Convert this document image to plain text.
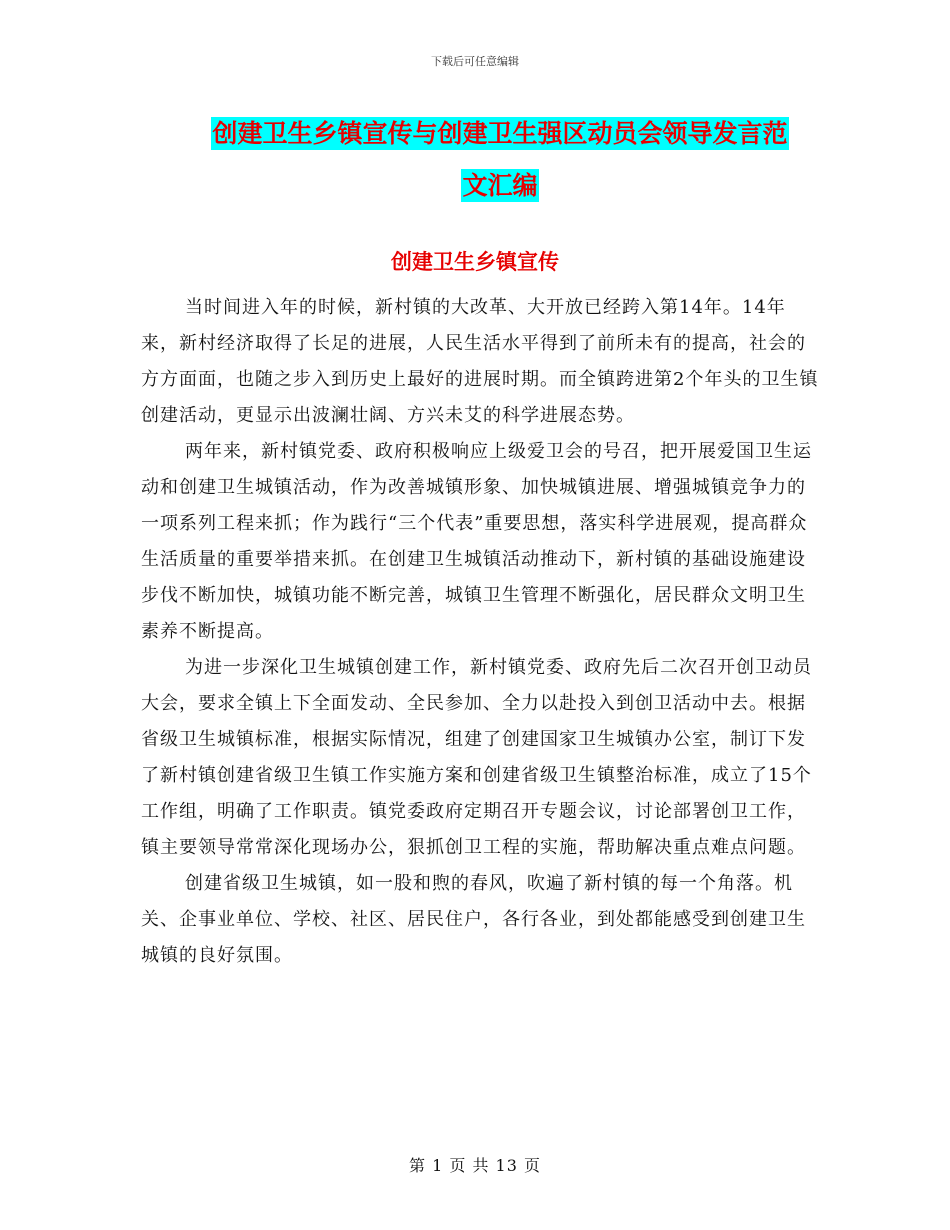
下载后可任意编辑
创建卫生乡镇宣传与创建卫生强区动员会领导发言范
文汇编
创建卫生乡镇宣传

当时间进入年的时候，新村镇的大改革、大开放已经跨入第14年。14年来，新村经济取得了长足的进展，人民生活水平得到了前所未有的提高，社会的方方面面，也随之步入到历史上最好的进展时期。而全镇跨进第2个年头的卫生镇创建活动，更显示出波澜壮阔、方兴未艾的科学进展态势。

两年来，新村镇党委、政府积极响应上级爱卫会的号召，把开展爱国卫生运动和创建卫生城镇活动，作为改善城镇形象、加快城镇进展、增强城镇竞争力的一项系列工程来抓；作为践行“三个代表”重要思想，落实科学进展观，提高群众生活质量的重要举措来抓。在创建卫生城镇活动推动下，新村镇的基础设施建设步伐不断加快，城镇功能不断完善，城镇卫生管理不断强化，居民群众文明卫生素养不断提高。

为进一步深化卫生城镇创建工作，新村镇党委、政府先后二次召开创卫动员大会，要求全镇上下全面发动、全民参加、全力以赴投入到创卫活动中去。根据省级卫生城镇标准，根据实际情况，组建了创建国家卫生城镇办公室，制订下发了新村镇创建省级卫生镇工作实施方案和创建省级卫生镇整治标准，成立了15个工作组，明确了工作职责。镇党委政府定期召开专题会议，讨论部署创卫工作，镇主要领导常常深化现场办公，狠抓创卫工程的实施，帮助解决重点难点问题。

创建省级卫生城镇，如一股和煦的春风，吹遍了新村镇的每一个角落。机关、企事业单位、学校、社区、居民住户，各行各业，到处都能感受到创建卫生城镇的良好氛围。

第 1 页 共 13 页
